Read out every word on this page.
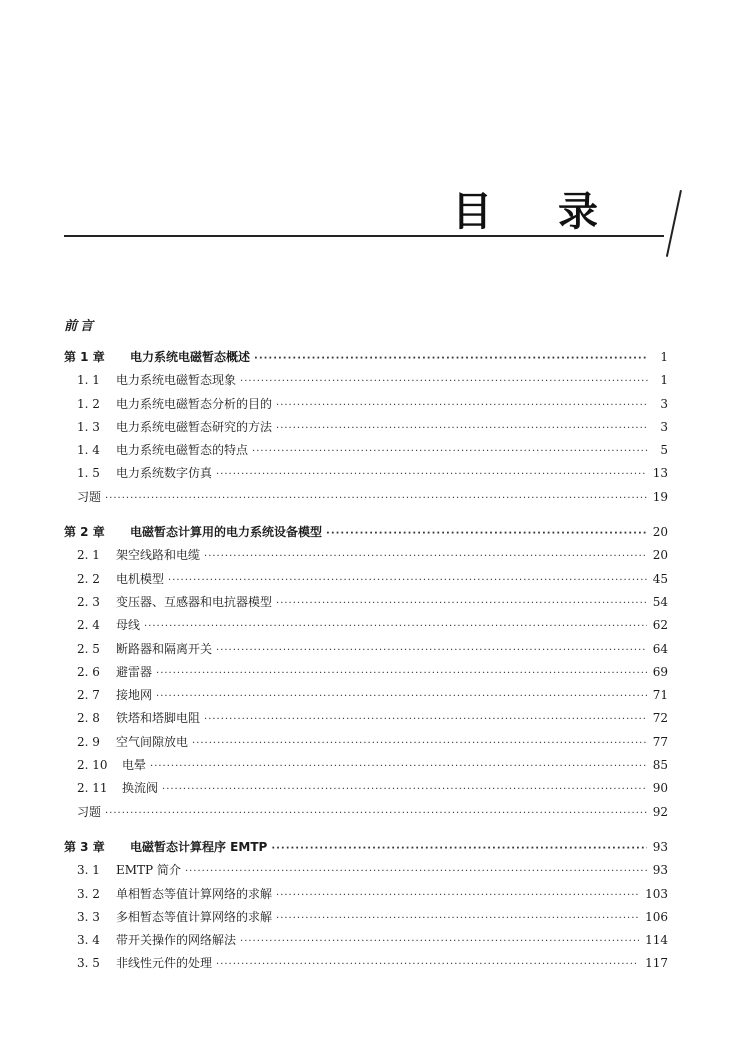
目 录
前言
第 1 章	电力系统电磁暂态概述 ·····	1
1. 1	电力系统电磁暂态现象 ·····	1
1. 2	电力系统电磁暂态分析的目的 ·····	3
1. 3	电力系统电磁暂态研究的方法 ·····	3
1. 4	电力系统电磁暂态的特点 ·····	5
1. 5	电力系统数字仿真 ·····	13
习题 ·····	19
第 2 章	电磁暂态计算用的电力系统设备模型 ·····	20
2. 1	架空线路和电缆 ·····	20
2. 2	电机模型 ·····	45
2. 3	变压器、互感器和电抗器模型 ·····	54
2. 4	母线 ·····	62
2. 5	断路器和隔离开关 ·····	64
2. 6	避雷器 ·····	69
2. 7	接地网 ·····	71
2. 8	铁塔和塔脚电阻 ·····	72
2. 9	空气间隙放电 ·····	77
2. 10	电晕 ·····	85
2. 11	换流阀 ·····	90
习题 ·····	92
第 3 章	电磁暂态计算程序 EMTP ·····	93
3. 1	EMTP 简介 ·····	93
3. 2	单相暂态等值计算网络的求解 ·····	103
3. 3	多相暂态等值计算网络的求解 ·····	106
3. 4	带开关操作的网络解法 ·····	114
3. 5	非线性元件的处理 ·····	117
